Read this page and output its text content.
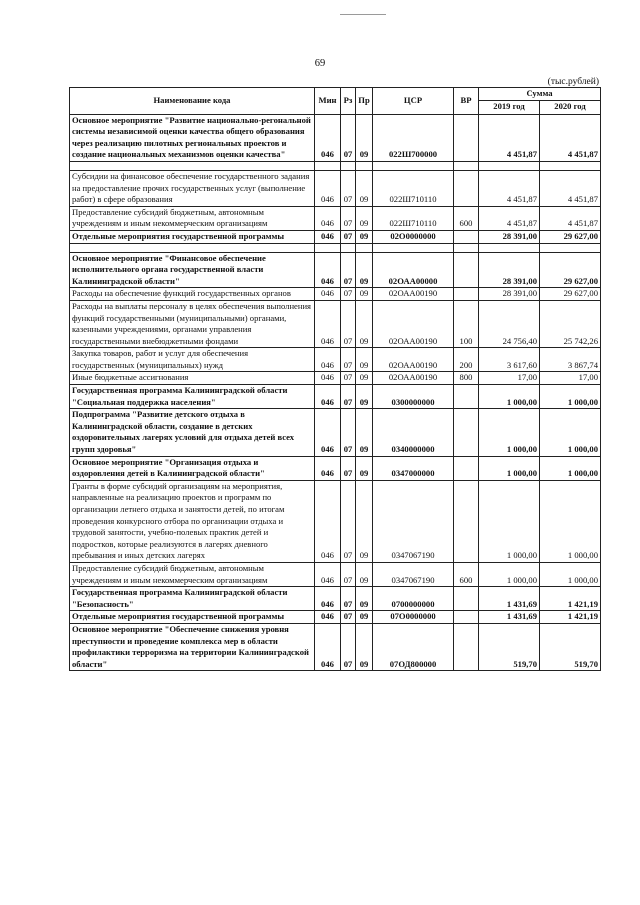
69
(тыс.рублей)
Наименование кода	Мин	Рз	Пр	ЦСР	ВР	Сумма	
						2019 год	2020 год
Основное мероприятие "Развитие национально-регональной системы независимой оценки качества общего образования через реализацию пилотных региональных проектов и создание национальных механизмов оценки качества"	046	07	09	022Ш700000		4 451,87	4 451,87

Субсидии на финансовое обеспечение государственного задания на предоставление прочих государственных услуг (выполнение работ) в сфере образования	046	07	09	022Ш710110		4 451,87	4 451,87
Предоставление субсидий бюджетным, автономным учреждениям и иным некоммерческим организациям	046	07	09	022Ш710110	600	4 451,87	4 451,87
Отдельные мероприятия государственной программы	046	07	09	02О0000000		28 391,00	29 627,00

Основное мероприятие "Финансовое обеспечение исполнительного органа государственной власти Калининградской области"	046	07	09	02ОАА00000		28 391,00	29 627,00
Расходы на обеспечение функций государственных органов	046	07	09	02ОАА00190		28 391,00	29 627,00
Расходы на выплаты персоналу в целях обеспечения выполнения функций государственными (муниципальными) органами, казенными учреждениями, органами управления государственными внебюджетными фондами	046	07	09	02ОАА00190	100	24 756,40	25 742,26
Закупка товаров, работ и услуг для обеспечения государственных (муниципальных) нужд	046	07	09	02ОАА00190	200	3 617,60	3 867,74
Иные бюджетные ассигнования	046	07	09	02ОАА00190	800	17,00	17,00
Государственная программа Калининградской области "Социальная поддержка населения"	046	07	09	0300000000		1 000,00	1 000,00
Подпрограмма "Развитие детского отдыха в Калининградской области, создание в детских оздоровительных лагерях условий для отдыха детей всех групп здоровья"	046	07	09	0340000000		1 000,00	1 000,00
Основное мероприятие "Организация отдыха и оздоровления детей в Калининградской области"	046	07	09	0347000000		1 000,00	1 000,00
Гранты в форме субсидий организациям на мероприятия, направленные на реализацию проектов и программ по организации летнего отдыха и занятости детей, по итогам проведения конкурсного отбора по организации отдыха и трудовой занятости, учебно-полевых практик детей и подростков, которые реализуются в лагерях дневного пребывания и иных детских лагерях	046	07	09	0347067190		1 000,00	1 000,00
Предоставление субсидий бюджетным, автономным учреждениям и иным некоммерческим организациям	046	07	09	0347067190	600	1 000,00	1 000,00
Государственная программа Калининградской области "Безопасность"	046	07	09	0700000000		1 431,69	1 421,19
Отдельные мероприятия государственной программы	046	07	09	07О0000000		1 431,69	1 421,19
Основное мероприятие "Обеспечение снижения уровня преступности и проведение комплекса мер в области профилактики терроризма на территории Калининградской области"	046	07	09	07ОД800000		519,70	519,70
